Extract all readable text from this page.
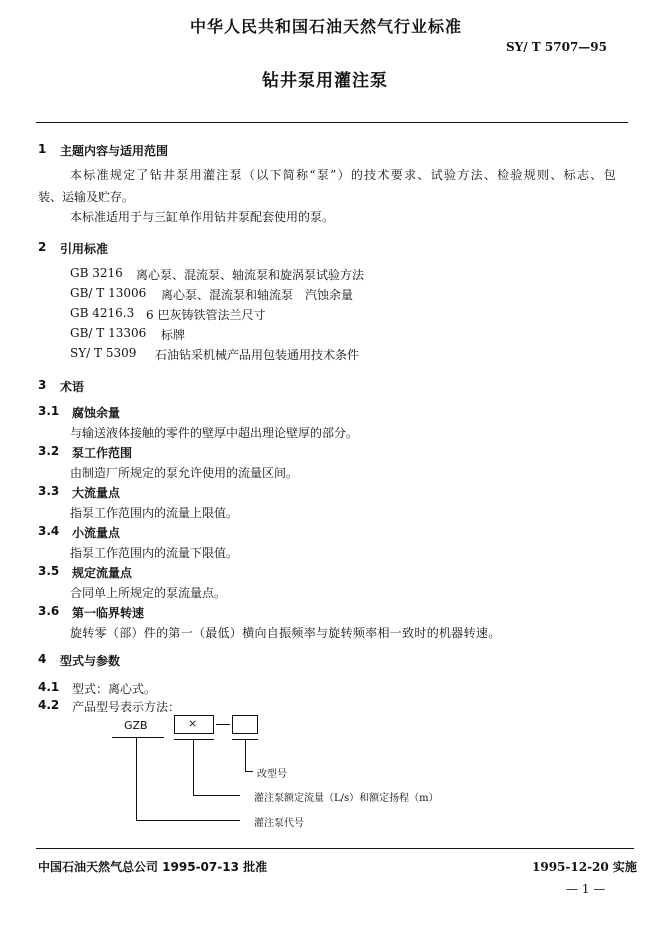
中华人民共和国石油天然气行业标准
SY/ T 5707—95
钻井泵用灌注泵
1 主题内容与适用范围
本标准规定了钻井泵用灌注泵（以下简称“泵”）的技术要求、试验方法、检验规则、标志、包
装、运输及贮存。
本标准适用于与三缸单作用钻井泵配套使用的泵。
2 引用标准
GB 3216 离心泵、混流泵、轴流泵和旋涡泵试验方法
GB/ T 13006 离心泵、混流泵和轴流泵　汽蚀余量
GB 4216.3 6 巴灰铸铁管法兰尺寸
GB/ T 13306 标牌
SY/ T 5309 石油钻采机械产品用包装通用技术条件
3 术语
3.1 腐蚀余量
与输送液体接触的零件的壁厚中超出理论壁厚的部分。
3.2 泵工作范围
由制造厂所规定的泵允许使用的流量区间。
3.3 大流量点
指泵工作范围内的流量上限值。
3.4 小流量点
指泵工作范围内的流量下限值。
3.5 规定流量点
合同单上所规定的泵流量点。
3.6 第一临界转速
旋转零（部）件的第一（最低）横向自振频率与旋转频率相一致时的机器转速。
4 型式与参数
4.1 型式：离心式。
4.2 产品型号表示方法：
GZB	×
改型号
灌注泵额定流量（L/s）和额定扬程（m）
灌注泵代号
中国石油天然气总公司 1995-07-13 批准	1995-12-20 实施
— 1 —
